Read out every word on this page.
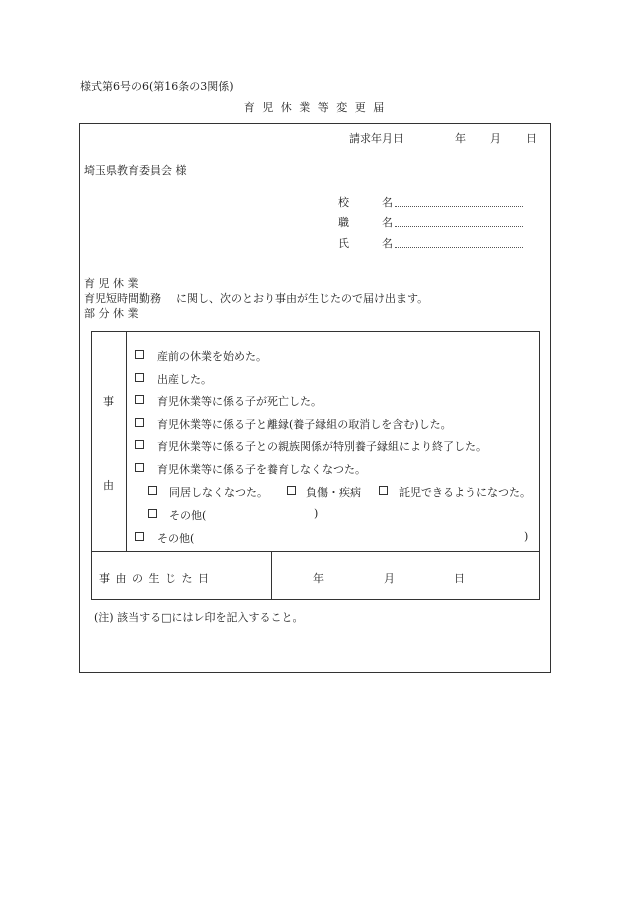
様式第6号の6(第16条の3関係)
育 児 休 業 等 変 更 届
請求年月日	年 月 日
埼玉県教育委員会 様
校	名
職	名
氏	名
育 児 休 業
育児短時間勤務 に関し、次のとおり事由が生じたので届け出ます。
部 分 休 業
事
由
産前の休業を始めた。
出産した。
育児休業等に係る子が死亡した。
育児休業等に係る子と離縁(養子縁組の取消しを含む)した。
育児休業等に係る子との親族関係が特別養子縁組により終了した。
育児休業等に係る子を養育しなくなつた。
同居しなくなつた。	負傷・疾病	託児できるようになつた。
その他(	)
その他(	)
事 由 の 生 じ た 日	年	月	日
(注) 該当する□にはレ印を記入すること。
